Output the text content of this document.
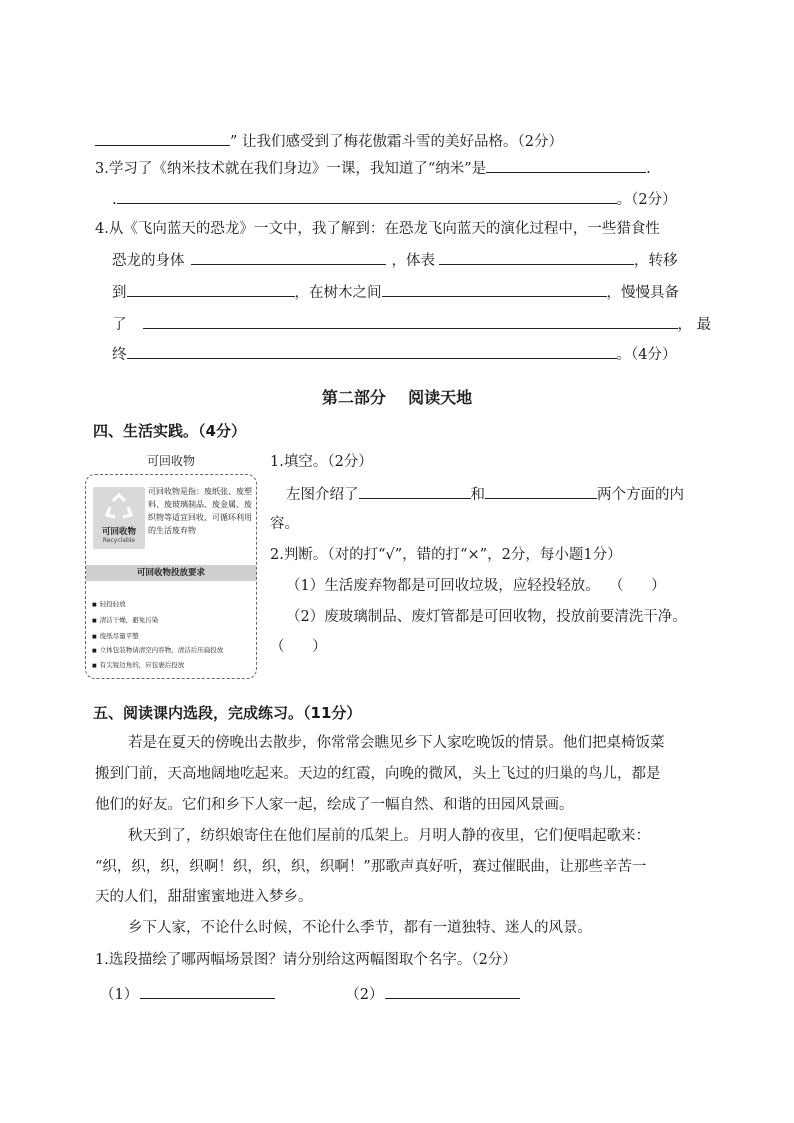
” 让我们感受到了梅花傲霜斗雪的美好品格。（2分）
3.学习了《纳米技术就在我们身边》一课，我知道了“纳米”是	.
.	。（2分）
4.从《飞向蓝天的恐龙》一文中，我了解到：在恐龙飞向蓝天的演化过程中，一些猎食性
恐龙的身体	，体表	，转移
到	，在树木之间	，慢慢具备
了	， 最
终	。（4分）
第二部分    阅读天地
四、生活实践。（4分）
可回收物
可回收物
Recyclable
可回收物是指：废纸张、废塑料、废玻璃制品、废金属、废织物等适宜回收、可循环利用的生活废弃物
可回收物投放要求
■ 轻投轻放
■ 清洁干燥，避免污染
■ 废纸尽量平整
■ 立体包装物请清空内容物，清洁后压扁投放
■ 有尖锐边角的，应包裹后投放
1.填空。（2分）
左图介绍了	和	两个方面的内
容。
2.判断。（对的打“√”，错的打“×”，2分，每小题1分）
（1）生活废弃物都是可回收垃圾，应轻投轻放。  （      ）
（2）废玻璃制品、废灯管都是可回收物，投放前要清洗干净。
（      ）
五、阅读课内选段，完成练习。（11分）
若是在夏天的傍晚出去散步，你常常会瞧见乡下人家吃晚饭的情景。他们把桌椅饭菜
搬到门前，天高地阔地吃起来。天边的红霞，向晚的微风，头上飞过的归巢的鸟儿，都是
他们的好友。它们和乡下人家一起，绘成了一幅自然、和谐的田园风景画。
秋天到了，纺织娘寄住在他们屋前的瓜架上。月明人静的夜里，它们便唱起歌来：
“织，织，织，织啊！织，织，织，织啊！”那歌声真好听，赛过催眠曲，让那些辛苦一
天的人们，甜甜蜜蜜地进入梦乡。
乡下人家，不论什么时候，不论什么季节，都有一道独特、迷人的风景。
1.选段描绘了哪两幅场景图？请分别给这两幅图取个名字。（2分）
（1）	（2）
